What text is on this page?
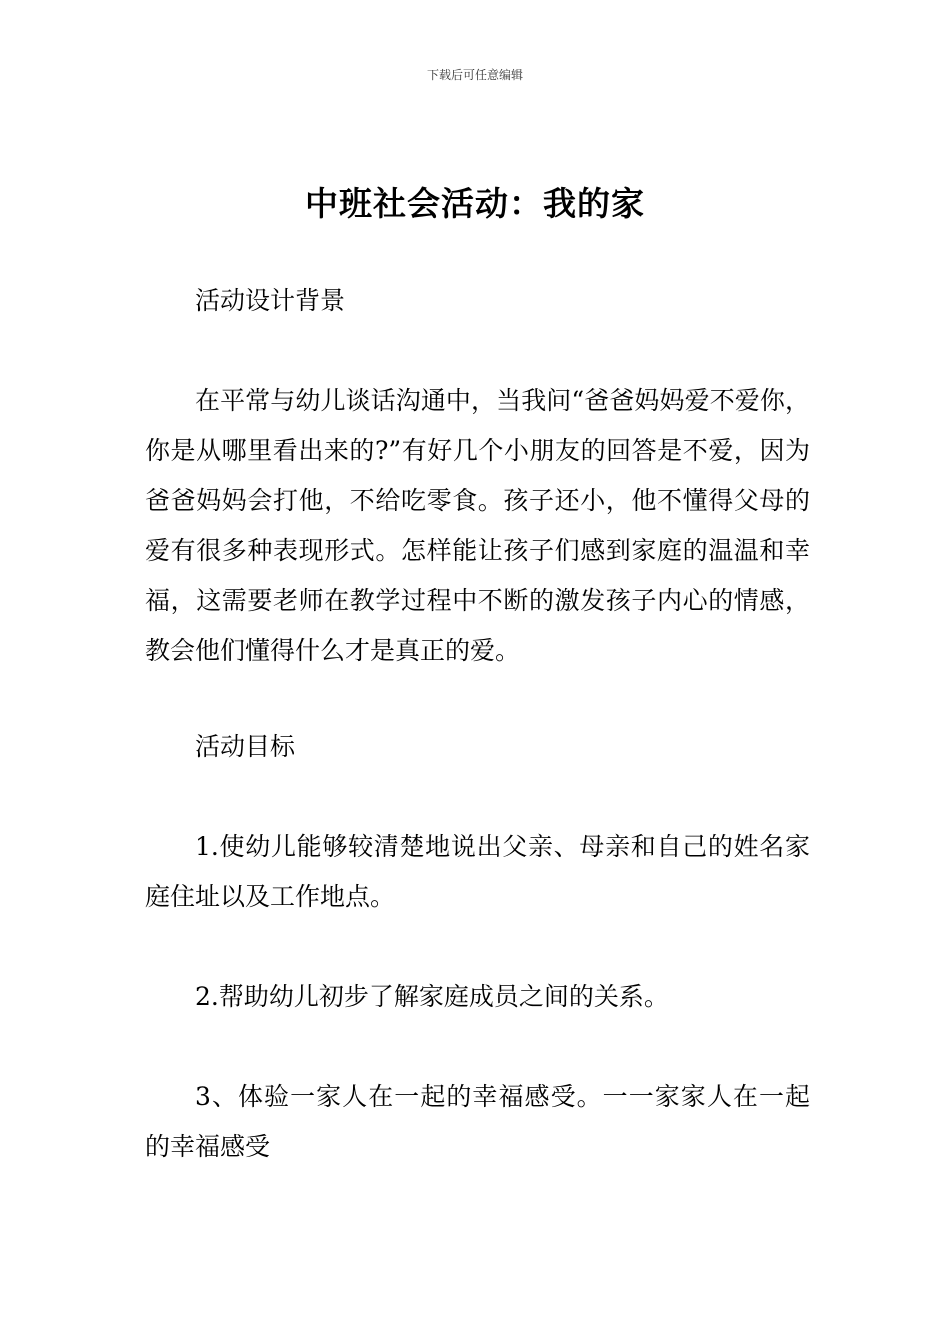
下载后可任意编辑
中班社会活动：我的家
活动设计背景

在平常与幼儿谈话沟通中，当我问“爸爸妈妈爱不爱你，你是从哪里看出来的?”有好几个小朋友的回答是不爱，因为爸爸妈妈会打他，不给吃零食。孩子还小，他不懂得父母的爱有很多种表现形式。怎样能让孩子们感到家庭的温温和幸福，这需要老师在教学过程中不断的激发孩子内心的情感，教会他们懂得什么才是真正的爱。

活动目标

1.使幼儿能够较清楚地说出父亲、母亲和自己的姓名家庭住址以及工作地点。

2.帮助幼儿初步了解家庭成员之间的关系。

3、体验一家人在一起的幸福感受。一一家家人在一起的幸福感受
